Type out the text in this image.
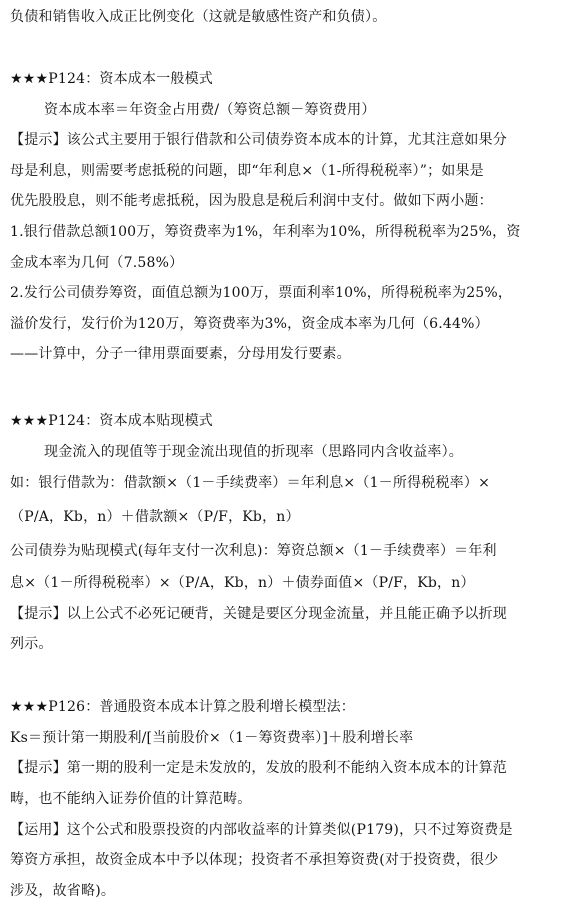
负债和销售收入成正比例变化（这就是敏感性资产和负债）。
★★★P124：资本成本一般模式
资本成本率＝年资金占用费/（筹资总额－筹资费用）
【提示】该公式主要用于银行借款和公司债券资本成本的计算，尤其注意如果分
母是利息，则需要考虑抵税的问题，即“年利息×（1-所得税税率）”；如果是
优先股股息，则不能考虑抵税，因为股息是税后利润中支付。做如下两小题：
1.银行借款总额100万，筹资费率为1%，年利率为10%，所得税税率为25%，资
金成本率为几何（7.58%）
2.发行公司债券筹资，面值总额为100万，票面利率10%，所得税税率为25%，
溢价发行，发行价为120万，筹资费率为3%，资金成本率为几何（6.44%）
——计算中，分子一律用票面要素，分母用发行要素。
★★★P124：资本成本贴现模式
现金流入的现值等于现金流出现值的折现率（思路同内含收益率）。
如：银行借款为：借款额×（1－手续费率）＝年利息×（1－所得税税率）×
（P/A，Kb，n）＋借款额×（P/F，Kb，n）
公司债券为贴现模式(每年支付一次利息)：筹资总额×（1－手续费率）＝年利
息×（1－所得税税率）×（P/A，Kb，n）＋债券面值×（P/F，Kb，n）
【提示】以上公式不必死记硬背，关键是要区分现金流量，并且能正确予以折现
列示。
★★★P126：普通股资本成本计算之股利增长模型法：
Ks＝预计第一期股利/[当前股价×（1－筹资费率）]＋股利增长率
【提示】第一期的股利一定是未发放的，发放的股利不能纳入资本成本的计算范
畴，也不能纳入证券价值的计算范畴。
【运用】这个公式和股票投资的内部收益率的计算类似(P179)，只不过筹资费是
筹资方承担，故资金成本中予以体现；投资者不承担筹资费(对于投资费，很少
涉及，故省略)。
